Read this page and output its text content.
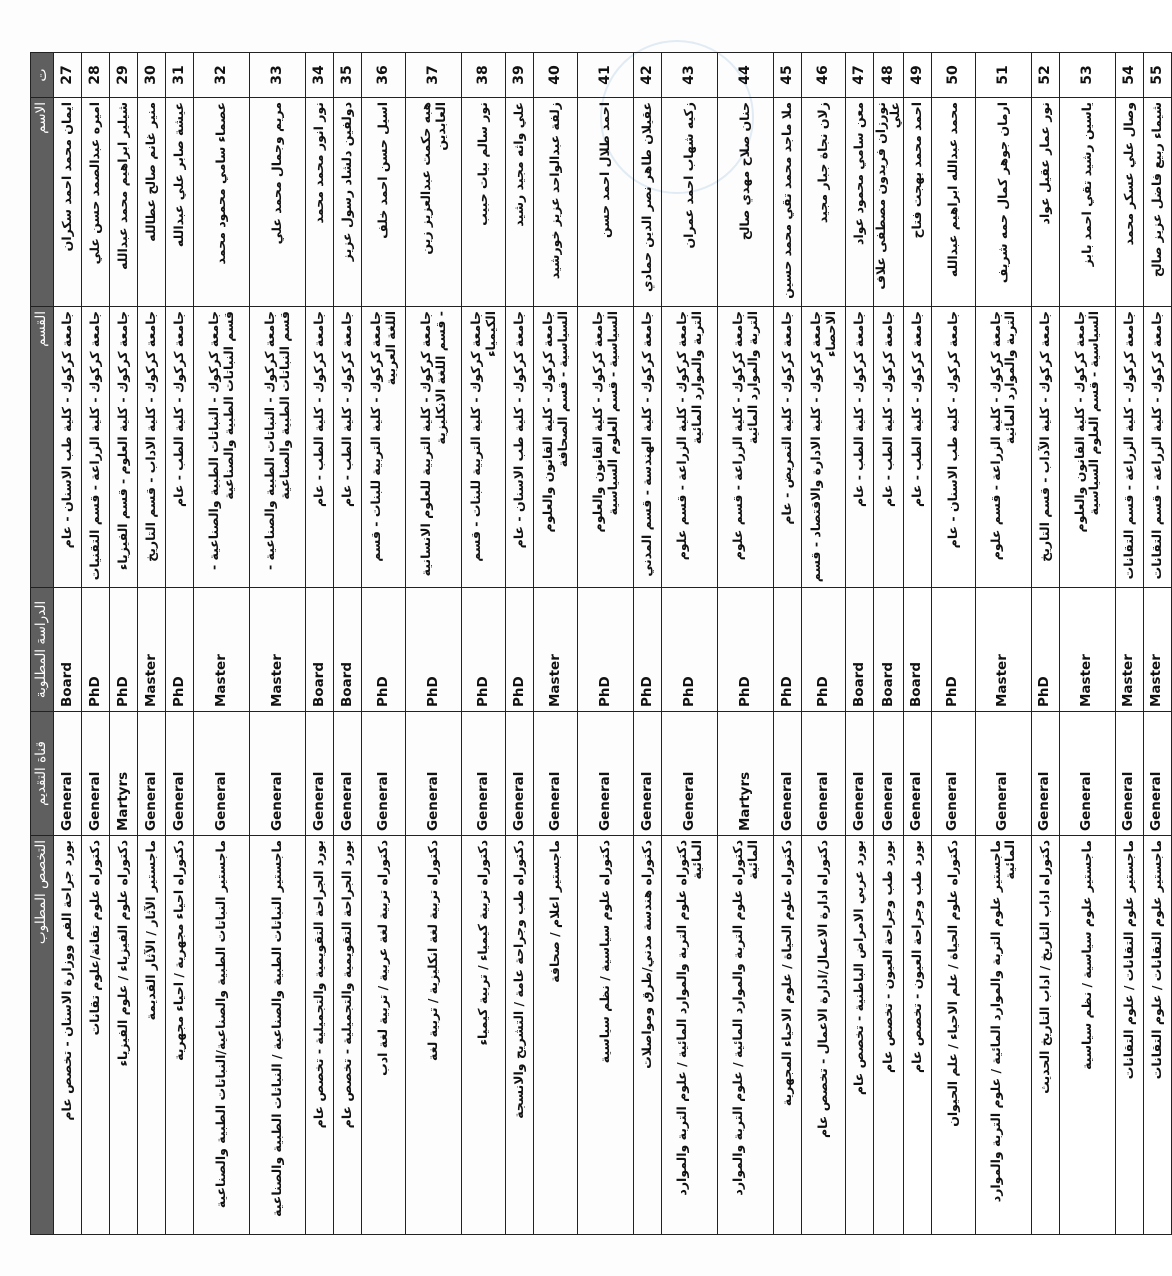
ت	الاسم	القسم	الدراسة المطلوبة	قناة التقديم	التخصص المطلوب
27	ايمان محمد احمد سكران	جامعة كركوك - كلية طب الاسنان - عام	Board	General	بورد جراحة الفم ووزارة الاسنان - تخصص عام
28	اميره عبدالصمد حسن علي	جامعة كركوك - كلية الزراعة - قسم التقنيات	PhD	General	دكتوراه علوم تقانة/علوم تقانات
29	شيلير ابراهيم محمد عبدالله	جامعة كركوك - كلية العلوم - قسم الفيزياء	PhD	Martyrs	دكتوراه علوم الفيزياء / علوم الفيزياء
30	منير غانم صالح عطالله	جامعة كركوك - كلية الاداب - قسم التاريخ	Master	General	ماجستير الآثار / الآثار القديمة
31	عيشة صابر علي عبدالله	جامعة كركوك - كلية الطب - عام	PhD	General	دكتوراه احياء مجهرية / احياء مجهرية
32	عصماء سامي محمود محمد	جامعة كركوك - النباتات الطبية والصناعية - قسم النباتات الطبية والصناعية	Master	General	ماجستير النباتات الطبية والصناعية/النباتات الطبية والصناعية
33	مريم وجمال محمد علي	جامعة كركوك - النباتات الطبية والصناعية - قسم النباتات الطبية والصناعية	Master	General	ماجستير النباتات الطبية والصناعية / النباتات الطبية والصناعية
34	نور انور محمد محمد	جامعة كركوك - كلية الطب - عام	Board	General	بورد الجراحة التقويمية والتجميلية - تخصص عام
35	دولفين دلشاد رسول عزيز	جامعة كركوك - كلية الطب - عام	Board	General	بورد الجراحة التقويمية والتجميلية - تخصص عام
36	اسيل حسن احمد خلف	جامعة كركوك - كلية التربية للبنات - قسم اللغة العربية	PhD	General	دكتوراه تربية لغة عربية / تربية لغة ادب
37	هبه حكمت عبدالعزيز زين العابدين	جامعة كركوك - كلية التربية للعلوم الانسانية - قسم اللغة الانكليزية	PhD	General	دكتوراه تربية لغة انكليزية / تربية لغة
38	نور سالم بيات حبيب	جامعة كركوك - كلية التربية للبنات - قسم الكيمياء	PhD	General	دكتوراه تربية كيمياء / تربية كيمياء
39	علي واثه مجيد رشيد	جامعة كركوك - كلية طب الاسنان - عام	PhD	General	دكتوراه طب وجراحة عامة / التشريح والانسجة
40	زلفة عبدالواحد عزيز خورشيد	جامعة كركوك - كلية القانون والعلوم السياسية - قسم الصحافة	Master	General	ماجستير اعلام / صحافة
41	احمد طلال احمد حسن	جامعة كركوك - كلية القانون والعلوم السياسية - قسم العلوم السياسية	PhD	General	دكتوراه علوم سياسية / نظم سياسية
42	عقيلان طاهر نصر الدين حمادي	جامعة كركوك - كلية الهندسة - قسم المدني	PhD	General	دكتوراه هندسة مدني/طرق ومواصلات
43	زكيه شهاب احمد عمران	جامعة كركوك - كلية الزراعة - قسم علوم التربة والموارد المائية	PhD	General	دكتوراه علوم التربة والموارد المائية / علوم التربة والموارد المائية
44	حنان صلاح مهدي صالح	جامعة كركوك - كلية الزراعة - قسم علوم التربة والموارد المائية	PhD	Martyrs	دكتوراه علوم التربة والموارد المائية / علوم التربة والموارد المائية
45	ملا ماجد محمد تقي محمد حسين	جامعة كركوك - كلية التمريض - عام	PhD	General	دكتوراه علوم الحياة / علوم الاحياء المجهرية
46	زلان نجاة جبار مجيد	جامعة كركوك - كلية الادارة والاقتصاد - قسم الاحصاء	PhD	General	دكتوراه ادارة الاعمال/ادارة الاعمال - تخصص عام
47	معن سامي محمود عواد	جامعة كركوك - كلية الطب - عام	Board	General	بورد عربي الامراض الباطنية - تخصص عام
48	نورزان فريدون مصطفى علاف علي	جامعة كركوك - كلية الطب - عام	Board	General	بورد طب وجراحة العيون - تخصص عام
49	احمد محمد بهجت فتاح	جامعة كركوك - كلية الطب - عام	Board	General	بورد طب وجراحة العيون - تخصص عام
50	محمد عبدالله ابراهيم عبدالله	جامعة كركوك - كلية طب الاسنان - عام	PhD	General	دكتوراه علوم الحياة / علم الاحياء / علم الحيوان
51	ارمان جوهر كمال حمه شريف	جامعة كركوك - كلية الزراعة - قسم علوم التربة والموارد المائية	Master	General	ماجستير علوم التربة والموارد المائية / علوم التربة والموارد المائية
52	نور عمار عقيل عواد	جامعة كركوك - كلية الآداب - قسم التاريخ	PhD	General	دكتوراه اداب التاريخ / اداب التاريخ الحديث
53	ياسين رشيد تقي احمد بابز	جامعة كركوك - كلية القانون والعلوم السياسية - قسم العلوم السياسية	Master	General	ماجستير علوم سياسية / نظم سياسية
54	وصال علي عسكر محمد	جامعة كركوك - كلية الزراعة - قسم التقانات	Master	General	ماجستير علوم التقانات / علوم التقانات
55	شيماء ربيع فاضل عزيز صالح	جامعة كركوك - كلية الزراعة - قسم التقانات	Master	General	ماجستير علوم التقانات / علوم التقانات
